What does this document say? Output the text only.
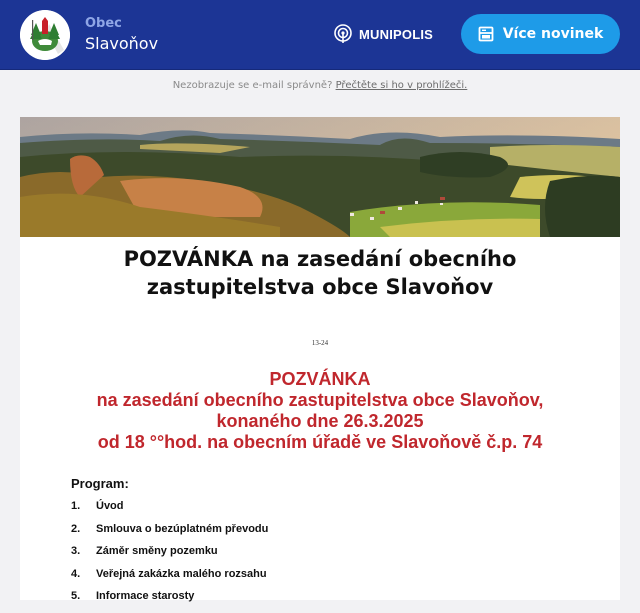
Obec
Slavoňov	MUNIPOLIS	Více novinek
Nezobrazuje se e-mail správně? Přečtěte si ho v prohlížeči.
POZVÁNKA na zasedání obecního
zastupitelstva obce Slavoňov
13-24
POZVÁNKA
na zasedání obecního zastupitelstva obce Slavoňov,
konaného dne 26.3.2025
od 18 °°hod. na obecním úřadě ve Slavoňově č.p. 74
Program:
1.	Úvod
2.	Smlouva o bezúplatném převodu
3.	Záměr směny pozemku
4.	Veřejná zakázka malého rozsahu
5.	Informace starosty
